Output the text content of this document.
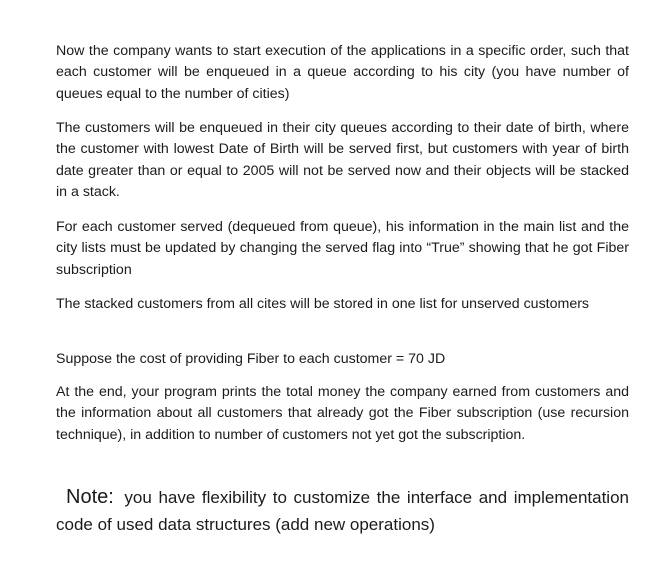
Now the company wants to start execution of the applications in a specific order, such that each customer will be enqueued in a queue according to his city (you have number of queues equal to the number of cities)

The customers will be enqueued in their city queues according to their date of birth, where the customer with lowest Date of Birth will be served first, but customers with year of birth date greater than or equal to 2005 will not be served now and their objects will be stacked in a stack.

For each customer served (dequeued from queue), his information in the main list and the city lists must be updated by changing the served flag into “True” showing that he got Fiber subscription

The stacked customers from all cites will be stored in one list for unserved customers

Suppose the cost of providing Fiber to each customer = 70 JD

At the end, your program prints the total money the company earned from customers and the information about all customers that already got the Fiber subscription (use recursion technique), in addition to number of customers not yet got the subscription.

Note: you have flexibility to customize the interface and implementation code of used data structures (add new operations)
